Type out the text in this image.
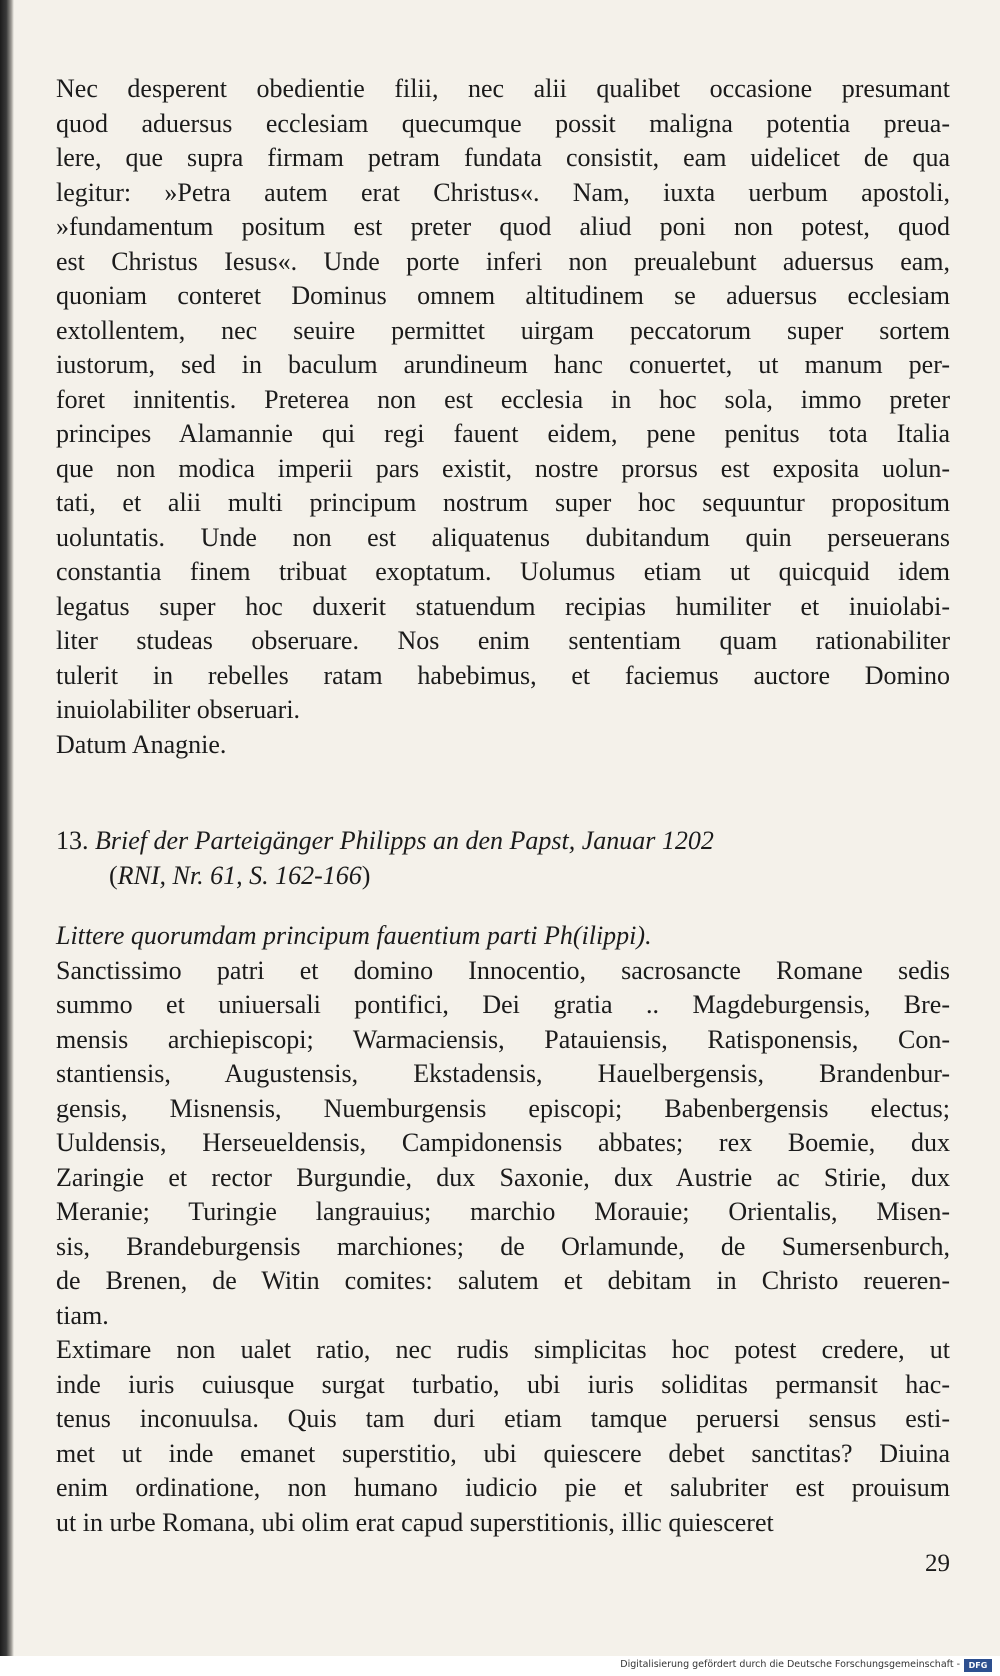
Nec desperent obedientie filii, nec alii qualibet occasione presumant
quod aduersus ecclesiam quecumque possit maligna potentia preua-
lere, que supra firmam petram fundata consistit, eam uidelicet de qua
legitur: »Petra autem erat Christus«. Nam, iuxta uerbum apostoli,
»fundamentum positum est preter quod aliud poni non potest, quod
est Christus Iesus«. Unde porte inferi non preualebunt aduersus eam,
quoniam conteret Dominus omnem altitudinem se aduersus ecclesiam
extollentem, nec seuire permittet uirgam peccatorum super sortem
iustorum, sed in baculum arundineum hanc conuertet, ut manum per-
foret innitentis. Preterea non est ecclesia in hoc sola, immo preter
principes Alamannie qui regi fauent eidem, pene penitus tota Italia
que non modica imperii pars existit, nostre prorsus est exposita uolun-
tati, et alii multi principum nostrum super hoc sequuntur propositum
uoluntatis. Unde non est aliquatenus dubitandum quin perseuerans
constantia finem tribuat exoptatum. Uolumus etiam ut quicquid idem
legatus super hoc duxerit statuendum recipias humiliter et inuiolabi-
liter studeas obseruare. Nos enim sententiam quam rationabiliter
tulerit in rebelles ratam habebimus, et faciemus auctore Domino
inuiolabiliter obseruari.
Datum Anagnie.
13. Brief der Parteigänger Philipps an den Papst, Januar 1202
(RNI, Nr. 61, S. 162-166)
Littere quorumdam principum fauentium parti Ph(ilippi).
Sanctissimo patri et domino Innocentio, sacrosancte Romane sedis
summo et uniuersali pontifici, Dei gratia .. Magdeburgensis, Bre-
mensis archiepiscopi; Warmaciensis, Patauiensis, Ratisponensis, Con-
stantiensis, Augustensis, Ekstadensis, Hauelbergensis, Brandenbur-
gensis, Misnensis, Nuemburgensis episcopi; Babenbergensis electus;
Uuldensis, Herseueldensis, Campidonensis abbates; rex Boemie, dux
Zaringie et rector Burgundie, dux Saxonie, dux Austrie ac Stirie, dux
Meranie; Turingie langrauius; marchio Morauie; Orientalis, Misen-
sis, Brandeburgensis marchiones; de Orlamunde, de Sumersenburch,
de Brenen, de Witin comites: salutem et debitam in Christo reueren-
tiam.
Extimare non ualet ratio, nec rudis simplicitas hoc potest credere, ut
inde iuris cuiusque surgat turbatio, ubi iuris soliditas permansit hac-
tenus inconuulsa. Quis tam duri etiam tamque peruersi sensus esti-
met ut inde emanet superstitio, ubi quiescere debet sanctitas? Diuina
enim ordinatione, non humano iudicio pie et salubriter est prouisum
ut in urbe Romana, ubi olim erat capud superstitionis, illic quiesceret
29
Digitalisierung gefördert durch die Deutsche Forschungsgemeinschaft -	DFG
